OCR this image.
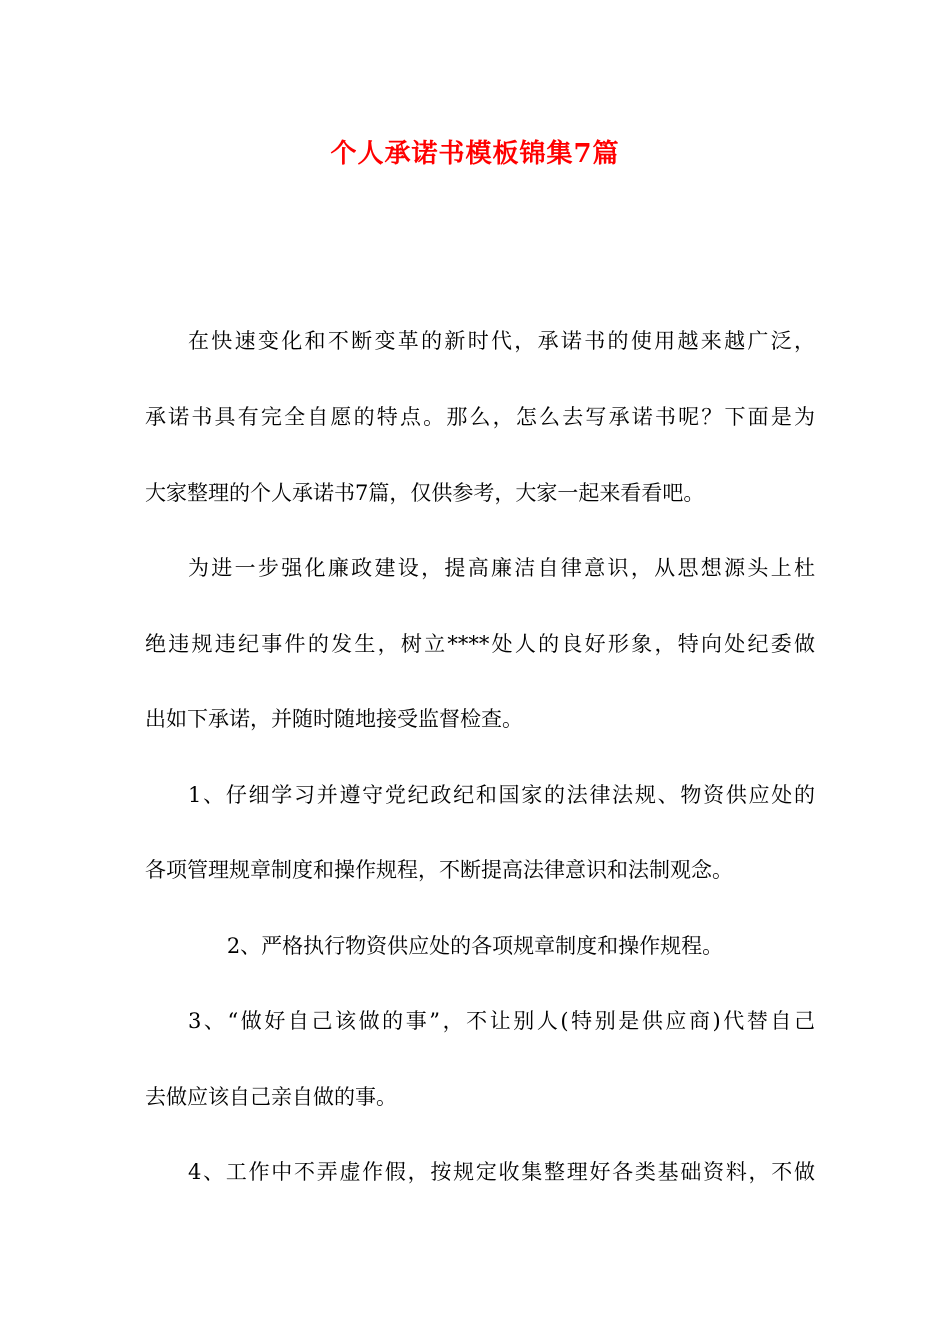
个人承诺书模板锦集7篇
在快速变化和不断变革的新时代，承诺书的使用越来越广泛，
承诺书具有完全自愿的特点。那么，怎么去写承诺书呢？下面是为
大家整理的个人承诺书7篇，仅供参考，大家一起来看看吧。
为进一步强化廉政建设，提高廉洁自律意识，从思想源头上杜
绝违规违纪事件的发生，树立****处人的良好形象，特向处纪委做
出如下承诺，并随时随地接受监督检查。
1、仔细学习并遵守党纪政纪和国家的法律法规、物资供应处的
各项管理规章制度和操作规程，不断提高法律意识和法制观念。
2、严格执行物资供应处的各项规章制度和操作规程。
3、“做好自己该做的事”，不让别人(特别是供应商)代替自己
去做应该自己亲自做的事。
4、工作中不弄虚作假，按规定收集整理好各类基础资料，不做
